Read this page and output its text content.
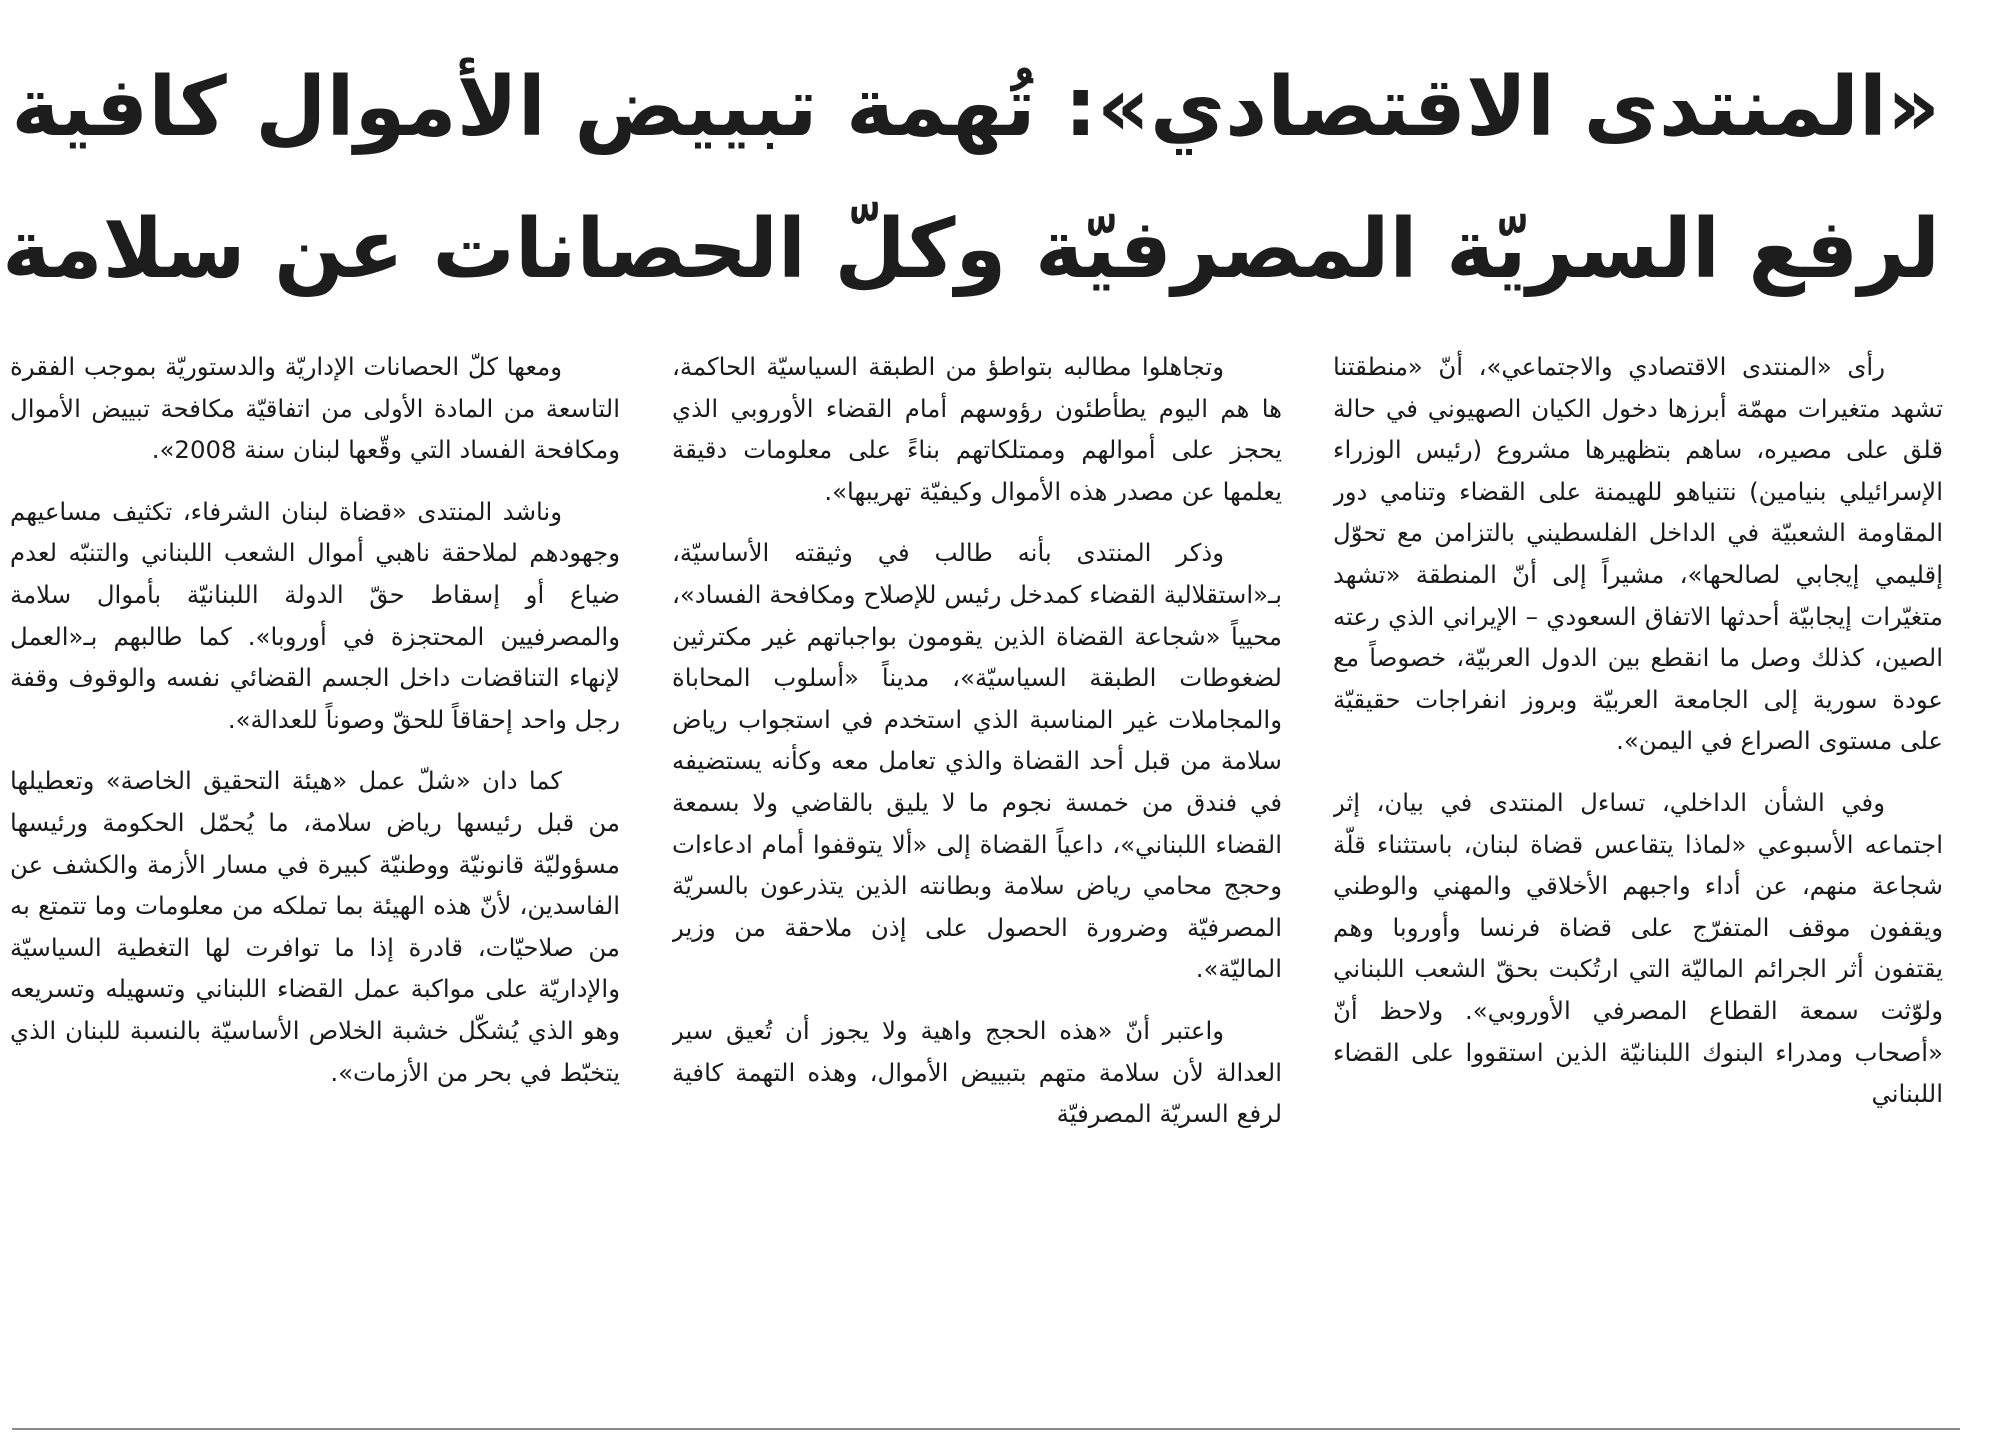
«المنتدى الاقتصادي»: تُهمة تبييض الأموال كافية
لرفع السريّة المصرفيّة وكلّ الحصانات عن سلامة

رأى «المنتدى الاقتصادي والاجتماعي»، أنّ «منطقتنا تشهد متغيرات مهمّة أبرزها دخول الكيان الصهيوني في حالة قلق على مصيره، ساهم بتظهيرها مشروع (رئيس الوزراء الإسرائيلي بنيامين) نتنياهو للهيمنة على القضاء وتنامي دور المقاومة الشعبيّة في الداخل الفلسطيني بالتزامن مع تحوّل إقليمي إيجابي لصالحها»، مشيراً إلى أنّ المنطقة «تشهد متغيّرات إيجابيّة أحدثها الاتفاق السعودي – الإيراني الذي رعته الصين، كذلك وصل ما انقطع بين الدول العربيّة، خصوصاً مع عودة سورية إلى الجامعة العربيّة وبروز انفراجات حقيقيّة على مستوى الصراع في اليمن».

وفي الشأن الداخلي، تساءل المنتدى في بيان، إثر اجتماعه الأسبوعي «لماذا يتقاعس قضاة لبنان، باستثناء قلّة شجاعة منهم، عن أداء واجبهم الأخلاقي والمهني والوطني ويقفون موقف المتفرّج على قضاة فرنسا وأوروبا وهم يقتفون أثر الجرائم الماليّة التي ارتُكبت بحقّ الشعب اللبناني ولوّثت سمعة القطاع المصرفي الأوروبي». ولاحظ أنّ «أصحاب ومدراء البنوك اللبنانيّة الذين استقووا على القضاء اللبناني

وتجاهلوا مطالبه بتواطؤ من الطبقة السياسيّة الحاكمة، ها هم اليوم يطأطئون رؤوسهم أمام القضاء الأوروبي الذي يحجز على أموالهم وممتلكاتهم بناءً على معلومات دقيقة يعلمها عن مصدر هذه الأموال وكيفيّة تهريبها».

وذكر المنتدى بأنه طالب في وثيقته الأساسيّة، بـ«استقلالية القضاء كمدخل رئيس للإصلاح ومكافحة الفساد»، محيياً «شجاعة القضاة الذين يقومون بواجباتهم غير مكترثين لضغوطات الطبقة السياسيّة»، مديناً «أسلوب المحاباة والمجاملات غير المناسبة الذي استخدم في استجواب رياض سلامة من قبل أحد القضاة والذي تعامل معه وكأنه يستضيفه في فندق من خمسة نجوم ما لا يليق بالقاضي ولا بسمعة القضاء اللبناني»، داعياً القضاة إلى «ألا يتوقفوا أمام ادعاءات وحجج محامي رياض سلامة وبطانته الذين يتذرعون بالسريّة المصرفيّة وضرورة الحصول على إذن ملاحقة من وزير الماليّة».

واعتبر أنّ «هذه الحجج واهية ولا يجوز أن تُعيق سير العدالة لأن سلامة متهم بتبييض الأموال، وهذه التهمة كافية لرفع السريّة المصرفيّة

ومعها كلّ الحصانات الإداريّة والدستوريّة بموجب الفقرة التاسعة من المادة الأولى من اتفاقيّة مكافحة تبييض الأموال ومكافحة الفساد التي وقّعها لبنان سنة 2008».

وناشد المنتدى «قضاة لبنان الشرفاء، تكثيف مساعيهم وجهودهم لملاحقة ناهبي أموال الشعب اللبناني والتنبّه لعدم ضياع أو إسقاط حقّ الدولة اللبنانيّة بأموال سلامة والمصرفيين المحتجزة في أوروبا». كما طالبهم بـ«العمل لإنهاء التناقضات داخل الجسم القضائي نفسه والوقوف وقفة رجل واحد إحقاقاً للحقّ وصوناً للعدالة».

كما دان «شلّ عمل «هيئة التحقيق الخاصة» وتعطيلها من قبل رئيسها رياض سلامة، ما يُحمّل الحكومة ورئيسها مسؤوليّة قانونيّة ووطنيّة كبيرة في مسار الأزمة والكشف عن الفاسدين، لأنّ هذه الهيئة بما تملكه من معلومات وما تتمتع به من صلاحيّات، قادرة إذا ما توافرت لها التغطية السياسيّة والإداريّة على مواكبة عمل القضاء اللبناني وتسهيله وتسريعه وهو الذي يُشكّل خشبة الخلاص الأساسيّة بالنسبة للبنان الذي يتخبّط في بحر من الأزمات».
